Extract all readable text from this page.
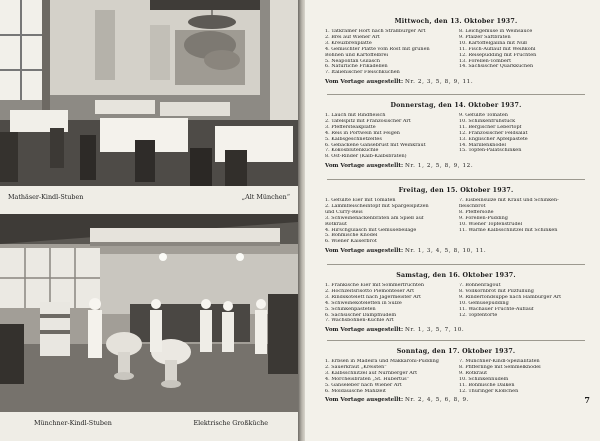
Mathäser-Kindl-Stuben	„Alt München“
Münchner-Kindl-Stuben	Elektrische Großküche
Mittwoch, den 13. Oktober 1937.
1. Tatkrämer Hort nach Straßburger Art
2. Brei auf Wiener Art
3. Kreuzbrenplatte
4. Gemischter Platte vom Rost mit grünen
Bohnen und Kartoffelbrei
5. Neapolitan Gulasch
6. Natürliche Frikadellen
7. Italienischer Fleischküchen
8. Leichgemüse in Weinsauce
9. Pfälzer Saftbraten
10. Kartoffelgalina mit Nuß
11. Fisch-Auflauf mit Weißkohl
12. Reisepudding mit Früchten
13. Forellen-Tombert
14. Sächsischer Quarkkuchen
Vom Vortage ausgestellt: Nr. 2, 3, 5, 8, 9, 11.
Donnerstag, den 14. Oktober 1937.
1. Lauch mit Rindfleisch
2. Tafelspitz mit Französischer Art
3. Pfeffersteakplatte
4. Reis in Portwein mit Feigen
5. Kalbsgeschnetzeltes
6. Gebackene Gänsebrust mit Weinkraut
7. Kokosblütenküchle
8. Ost-Rinder (Kalb-Kalbsbraten)
9. Gefüllte Tomaten
10. Schinkenfrühstück
11. Bergischer Lebertopf
12. Französischer Feldsalat
13. Englischer Apfelpastete
14. Marillenknödel
15. Topfen-Palatschinken
Vom Vortage ausgestellt: Nr. 1, 2, 5, 8, 9, 12.
Freitag, den 15. Oktober 1937.
1. Gefüllte Eier mit Tomaten
2. Lammfleischeintopf mit Spargelspitzen
und Curry-Reis
3. Schweinenackenbraten am Spieß auf
Rotkraut
4. Hirschgulasch mit Gemüsebeilage
5. Böhmische Knödel
6. Wiener Kaiserbrot
7. Eisbeinsülze mit Kraut und Schinken-
fleischbrot
8. Pfeffersoße
9. Forellen-Pudding
10. Wiener Topfenstrudel
11. Warme Kalbsschnitzel mit Schinken
Vom Vortage ausgestellt: Nr. 1, 3, 4, 5, 8, 10, 11.
Samstag, den 16. Oktober 1937.
1. Fränkische Eier mit Sommerfrüchten
2. Hochzeitsrisotto Piemonteser Art
3. Rindskotelett nach Jägermeister Art
4. Schweinekoteletten in Sülze
5. Schinkenpasteten
6. Sächsischer Dampfnudeln
7. Wachsbohnen-Küchle Art
7. Bohnenragout
8. Vollkornbrot mit Pilzfüllung
9. Rinderfondsuppe nach Hamburger Art
10. Gemüsepudding
11. Wachauer Früchte-Auflauf
12. Topfentorte
Vom Vortage ausgestellt: Nr. 1, 3, 5, 7, 10.
Sonntag, den 17. Oktober 1937.
1. Erbsen in Madeira und Makkaroni-Pudding
2. Sauerkraut „Kreisten“
3. Kalbsschnitzel auf Nürnberger Art
4. Mörcheisbraten „St. Hubertus“
5. Gänseleber nach Wiener Art
6. Moldauische Mahlzeit
7. Münchner-Kindl-Spezialitäten
8. Pfifferlinge mit Semmelknödel
9. Rotkraut
10. Schinkennudeln
11. Böhmische Dalken
12. Thüringer Klößchen
Vom Vortage ausgestellt: Nr. 2, 4, 5, 6, 8, 9.	7
